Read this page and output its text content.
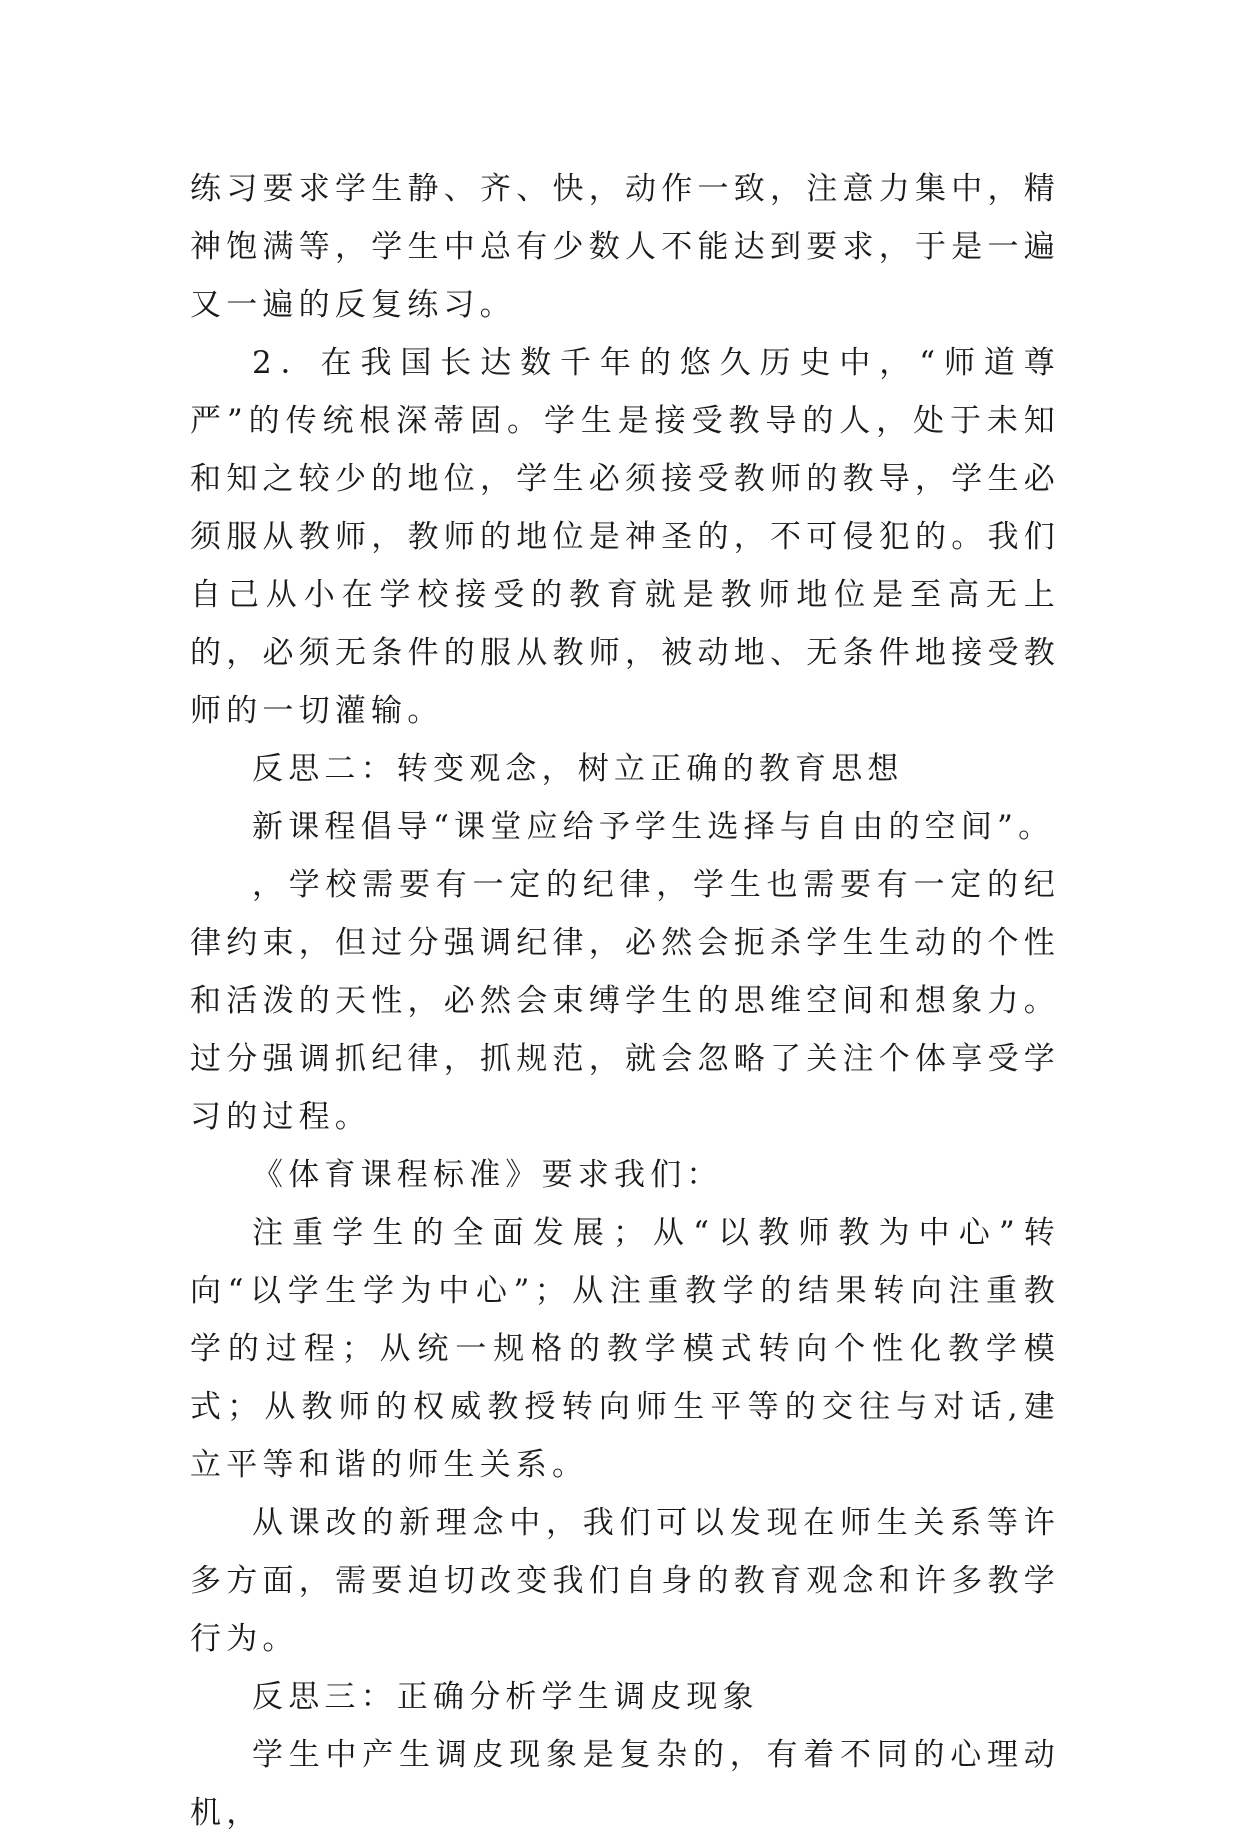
练习要求学生静、齐、快，动作一致，注意力集中，精神饱满等，学生中总有少数人不能达到要求，于是一遍又一遍的反复练习。

2．在我国长达数千年的悠久历史中，“师道尊严”的传统根深蒂固。学生是接受教导的人，处于未知和知之较少的地位，学生必须接受教师的教导，学生必须服从教师，教师的地位是神圣的，不可侵犯的。我们自己从小在学校接受的教育就是教师地位是至高无上的，必须无条件的服从教师，被动地、无条件地接受教师的一切灌输。

反思二：转变观念，树立正确的教育思想

新课程倡导“课堂应给予学生选择与自由的空间”。

，学校需要有一定的纪律，学生也需要有一定的纪律约束，但过分强调纪律，必然会扼杀学生生动的个性和活泼的天性，必然会束缚学生的思维空间和想象力。过分强调抓纪律，抓规范，就会忽略了关注个体享受学习的过程。

《体育课程标准》要求我们：

注重学生的全面发展；从“以教师教为中心”转向“以学生学为中心”；从注重教学的结果转向注重教学的过程；从统一规格的教学模式转向个性化教学模式；从教师的权威教授转向师生平等的交往与对话,建立平等和谐的师生关系。

从课改的新理念中，我们可以发现在师生关系等许多方面，需要迫切改变我们自身的教育观念和许多教学行为。

反思三：正确分析学生调皮现象

学生中产生调皮现象是复杂的，有着不同的心理动机，
